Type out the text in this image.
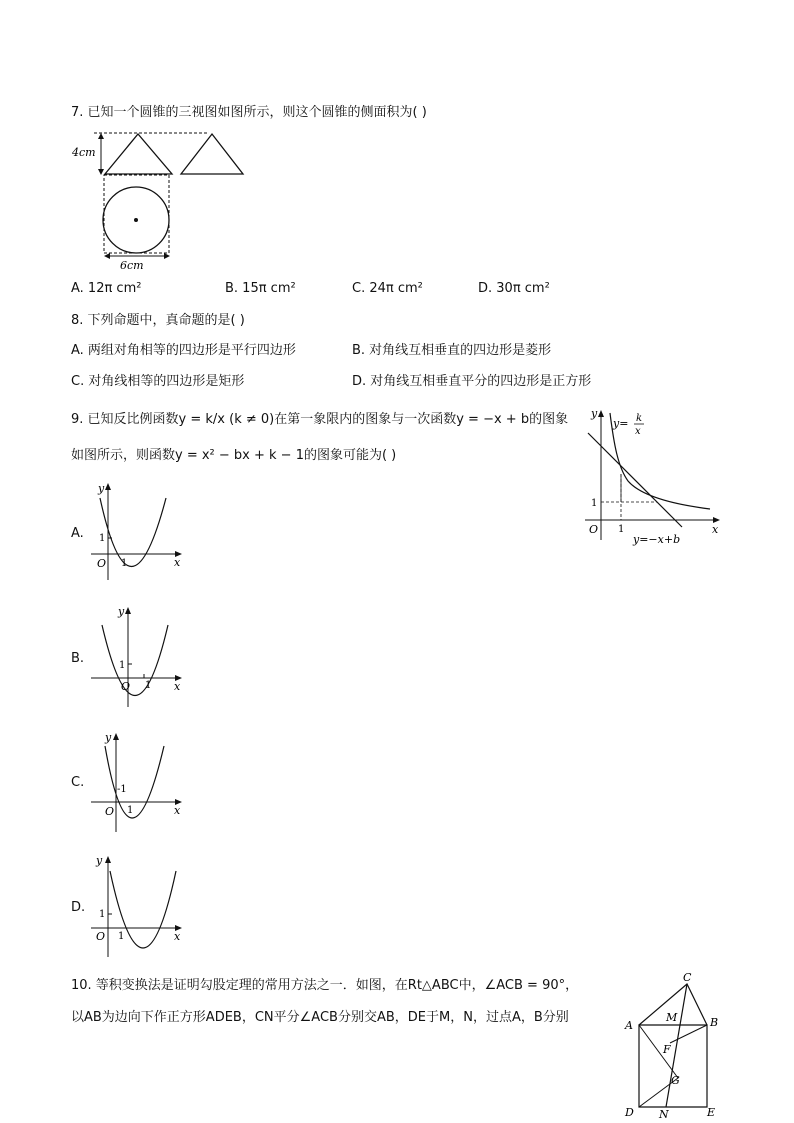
7. 已知一个圆锥的三视图如图所示，则这个圆锥的侧面积为( )
4cm
6cm
A. 12π cm²	B. 15π cm²	C. 24π cm²	D. 30π cm²
8. 下列命题中，真命题的是( )
A. 两组对角相等的四边形是平行四边形	B. 对角线互相垂直的四边形是菱形
C. 对角线相等的四边形是矩形	D. 对角线互相垂直平分的四边形是正方形
9. 已知反比例函数y = k/x (k ≠ 0)在第一象限内的图象与一次函数y = −x + b的图象
如图所示，则函数y = x² − bx + k − 1的图象可能为( )
y
x
O 1
1
y= k
x
y=−x+b
A.
y
x
O
1
1
B.
y
x
O
1
1
C.
y
x
O
-1
1
D.
y
x
O
1
1
10. 等积变换法是证明勾股定理的常用方法之一．如图，在Rt△ABC中，∠ACB = 90°，
以AB为边向下作正方形ADEB，CN平分∠ACB分别交AB，DE于M，N，过点A，B分别
C
A
M	B
F
G
D N	E
